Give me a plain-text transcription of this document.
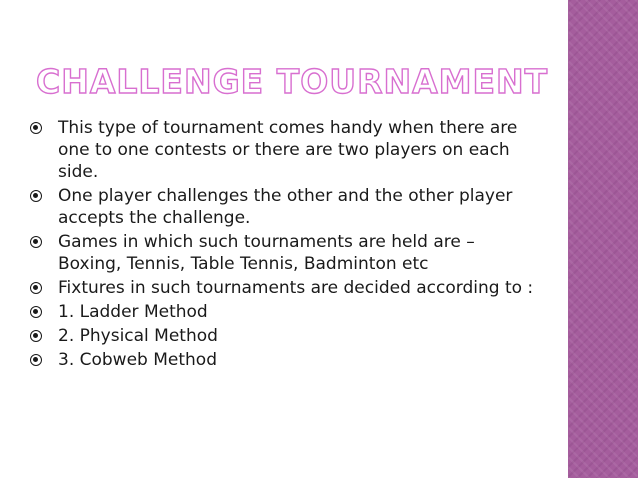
CHALLENGE TOURNAMENT
This type of tournament comes handy when there are one to one contests or there are two players on each side.
One player challenges the other and the other player accepts the challenge.
Games in which such tournaments are held are – Boxing, Tennis, Table Tennis, Badminton etc
Fixtures in such tournaments are decided according to :
1. Ladder Method
2. Physical Method
3. Cobweb Method
